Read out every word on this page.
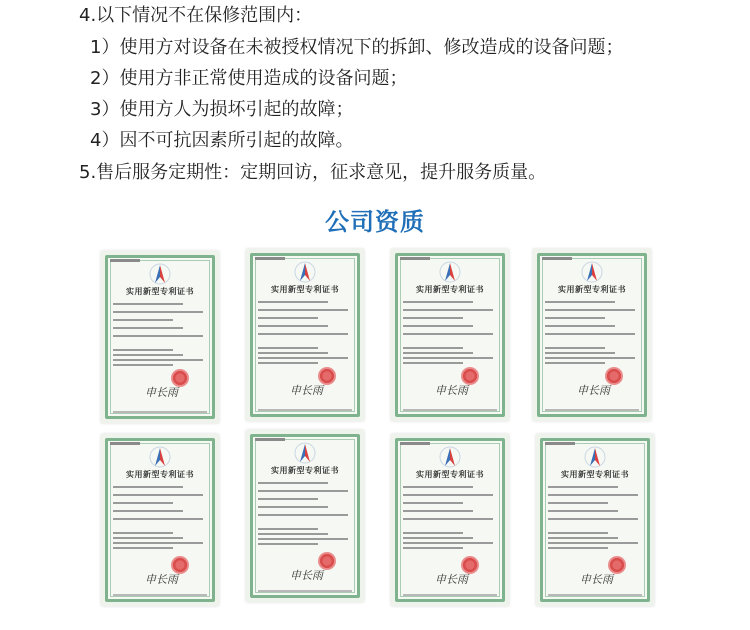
4.以下情况不在保修范围内：
1）使用方对设备在未被授权情况下的拆卸、修改造成的设备问题；
2）使用方非正常使用造成的设备问题；
3）使用方人为损坏引起的故障；
4）因不可抗因素所引起的故障。
5.售后服务定期性：定期回访，征求意见，提升服务质量。
公司资质
实用新型专利证书
申长雨
实用新型专利证书
申长雨
实用新型专利证书
申长雨
实用新型专利证书
申长雨
实用新型专利证书
申长雨
实用新型专利证书
申长雨
实用新型专利证书
申长雨
实用新型专利证书
申长雨
